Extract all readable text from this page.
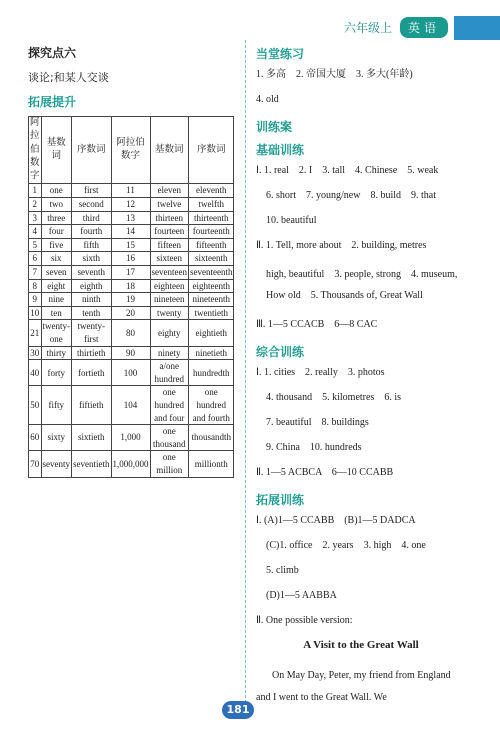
六年级上	英语
探究点六
谈论;和某人交谈
拓展提升
阿拉伯数字	基数词	序数词	阿拉伯数字	基数词	序数词
1	one	first	11	eleven	eleventh
2	two	second	12	twelve	twelfth
3	three	third	13	thirteen	thirteenth
4	four	fourth	14	fourteen	fourteenth
5	five	fifth	15	fifteen	fifteenth
6	six	sixth	16	sixteen	sixteenth
7	seven	seventh	17	seventeen	seventeenth
8	eight	eighth	18	eighteen	eighteenth
9	nine	ninth	19	nineteen	nineteenth
10	ten	tenth	20	twenty	twentieth
21	twenty-one	twenty-first	80	eighty	eightieth
30	thirty	thirtieth	90	ninety	ninetieth
40	forty	fortieth	100	a/one hundred	hundredth
50	fifty	fiftieth	104	one hundred and four	one hundred and fourth
60	sixty	sixtieth	1,000	one thousand	thousandth
70	seventy	seventieth	1,000,000	one million	millionth
当堂练习
1. 多高　2. 帝国大厦　3. 多大(年龄)
4. old
训练案
基础训练
Ⅰ. 1. real　2. I　3. tall　4. Chinese　5. weak
6. short　7. young/new　8. build　9. that
10. beautiful
Ⅱ. 1. Tell, more about　2. building, metres
high, beautiful　3. people, strong　4. museum, How old　5. Thousands of, Great Wall
Ⅲ. 1—5 CCACB　6—8 CAC
综合训练
Ⅰ. 1. cities　2. really　3. photos
4. thousand　5. kilometres　6. is
7. beautiful　8. buildings
9. China　10. hundreds
Ⅱ. 1—5 ACBCA　6—10 CCABB
拓展训练
Ⅰ. (A)1—5 CCABB　(B)1—5 DADCA
(C)1. office　2. years　3. high　4. one
5. climb
(D)1—5 AABBA
Ⅱ. One possible version:
A Visit to the Great Wall

On May Day, Peter, my friend from England and I went to the Great Wall. We

181
